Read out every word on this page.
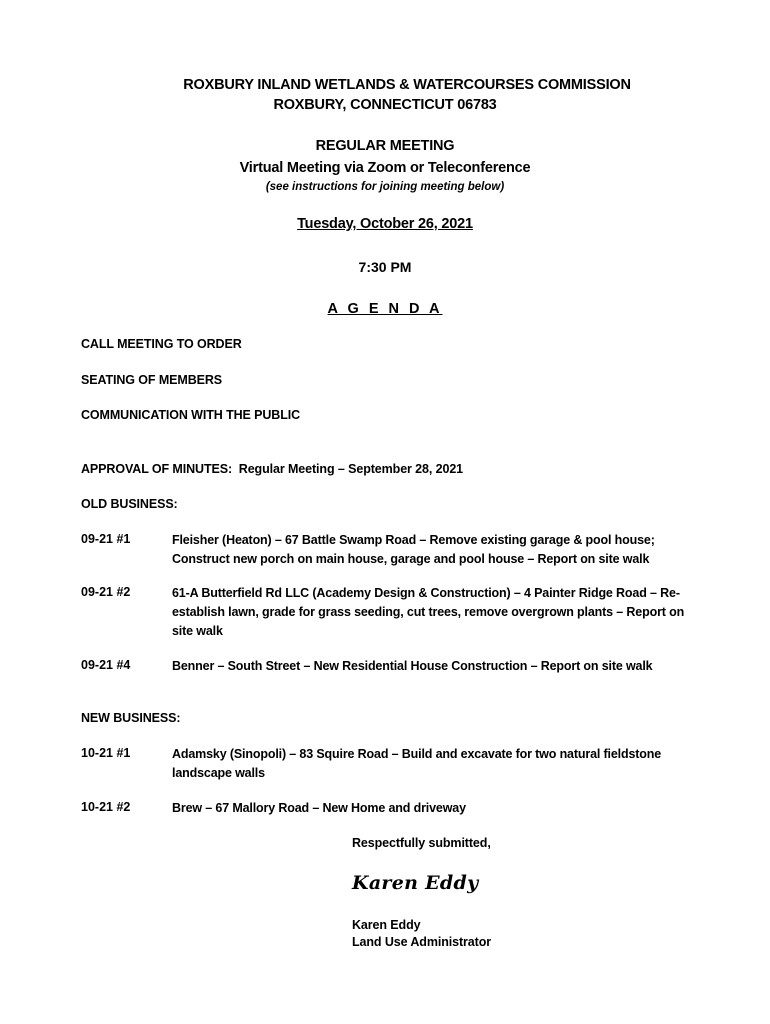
ROXBURY INLAND WETLANDS & WATERCOURSES COMMISSION
ROXBURY, CONNECTICUT 06783
REGULAR MEETING
Virtual Meeting via Zoom or Teleconference
(see instructions for joining meeting below)
Tuesday, October 26, 2021
7:30 PM
A G E N D A
CALL MEETING TO ORDER
SEATING OF MEMBERS
COMMUNICATION WITH THE PUBLIC
APPROVAL OF MINUTES: Regular Meeting – September 28, 2021
OLD BUSINESS:
09-21 #1	Fleisher (Heaton) – 67 Battle Swamp Road – Remove existing garage & pool house; Construct new porch on main house, garage and pool house – Report on site walk
09-21 #2	61-A Butterfield Rd LLC (Academy Design & Construction) – 4 Painter Ridge Road – Re-establish lawn, grade for grass seeding, cut trees, remove overgrown plants – Report on site walk
09-21 #4	Benner – South Street – New Residential House Construction – Report on site walk
NEW BUSINESS:
10-21 #1	Adamsky (Sinopoli) – 83 Squire Road – Build and excavate for two natural fieldstone landscape walls
10-21 #2	Brew – 67 Mallory Road – New Home and driveway
Respectfully submitted,
Karen Eddy
Karen Eddy
Land Use Administrator
